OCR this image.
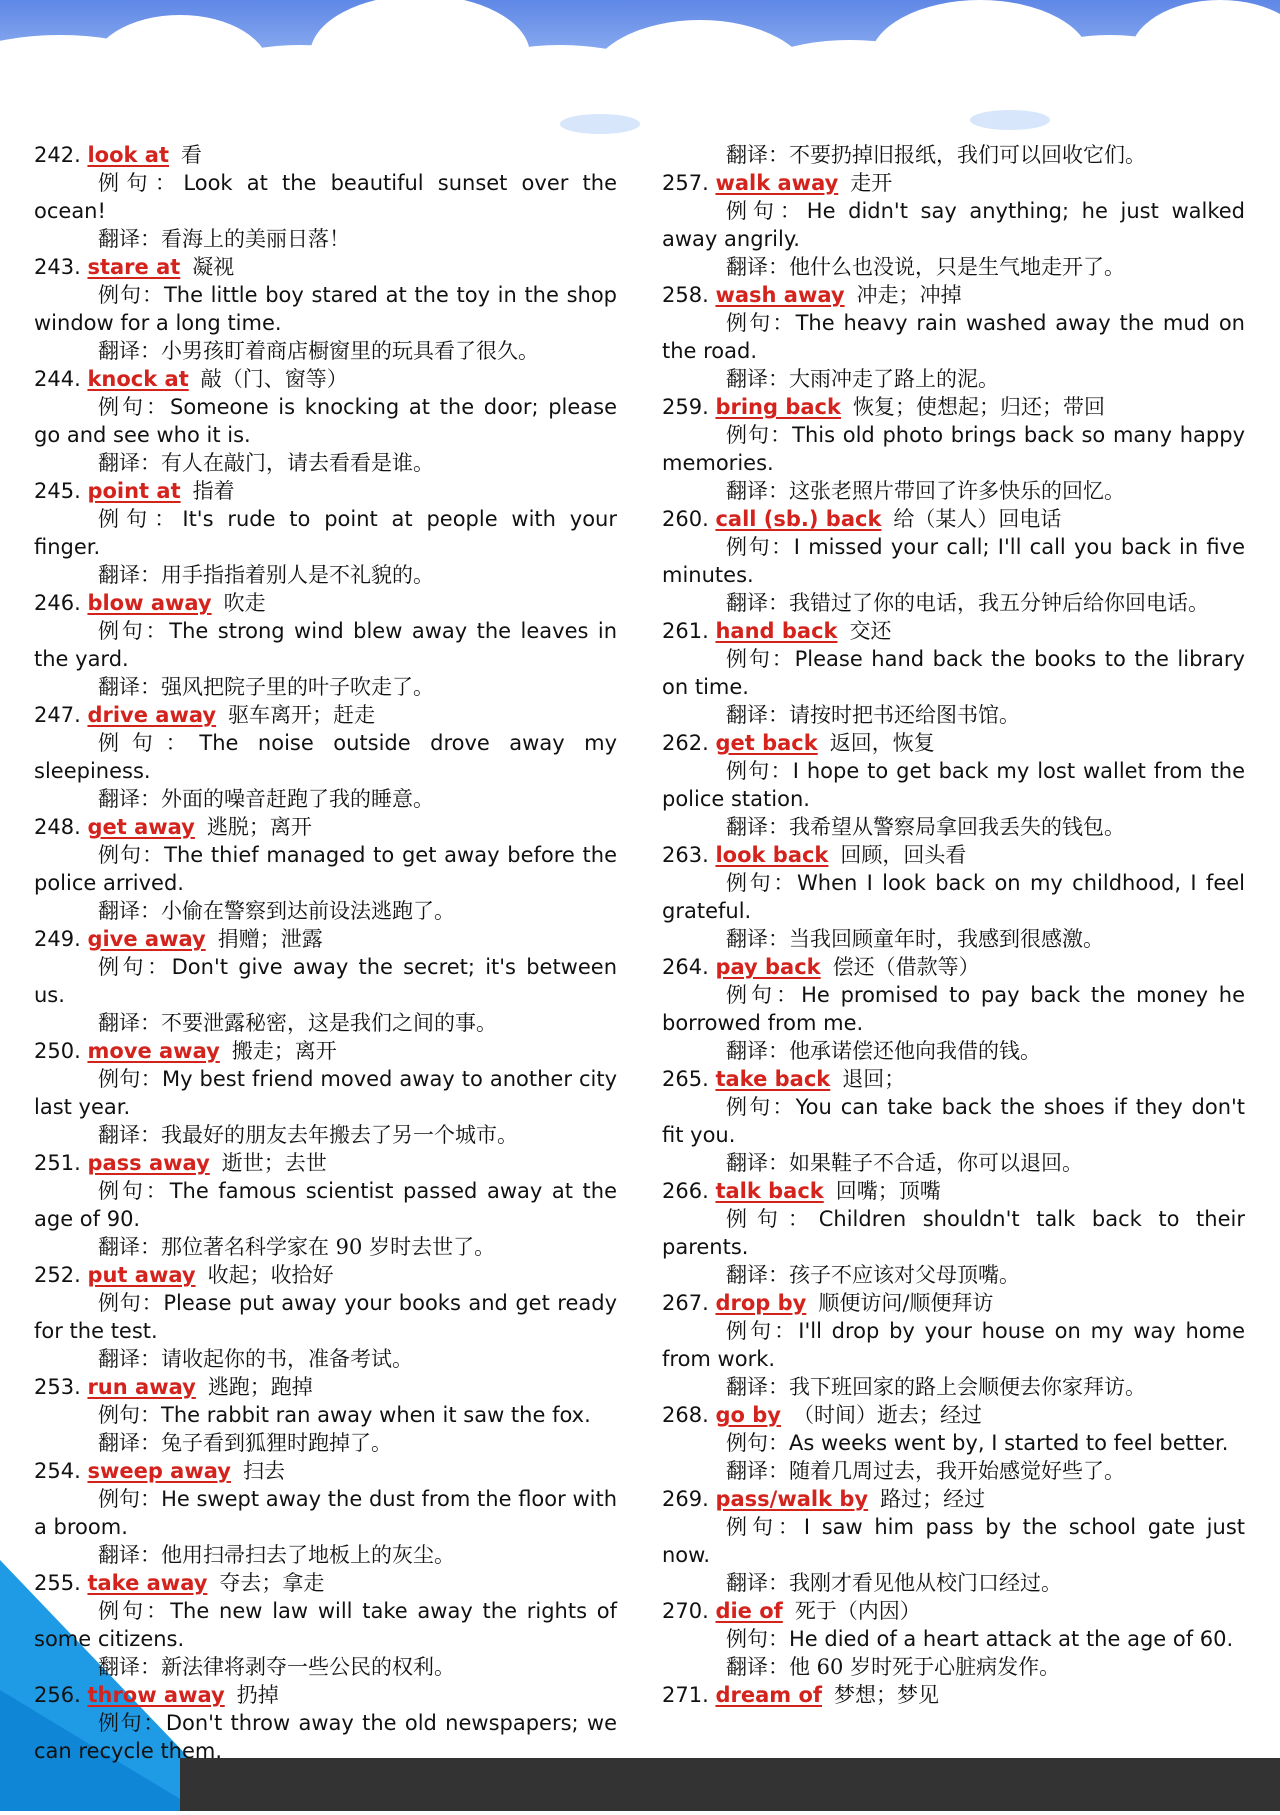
242. look at 看
例句：Look at the beautiful sunset over the ocean!
翻译：看海上的美丽日落！
243. stare at 凝视
例句：The little boy stared at the toy in the shop window for a long time.
翻译：小男孩盯着商店橱窗里的玩具看了很久。
244. knock at 敲（门、窗等）
例句：Someone is knocking at the door; please go and see who it is.
翻译：有人在敲门，请去看看是谁。
245. point at 指着
例句：It's rude to point at people with your finger.
翻译：用手指指着别人是不礼貌的。
246. blow away 吹走
例句：The strong wind blew away the leaves in the yard.
翻译：强风把院子里的叶子吹走了。
247. drive away 驱车离开；赶走
例句：The noise outside drove away my sleepiness.
翻译：外面的噪音赶跑了我的睡意。
248. get away 逃脱；离开
例句：The thief managed to get away before the police arrived.
翻译：小偷在警察到达前设法逃跑了。
249. give away 捐赠；泄露
例句：Don't give away the secret; it's between us.
翻译：不要泄露秘密，这是我们之间的事。
250. move away 搬走；离开
例句：My best friend moved away to another city last year.
翻译：我最好的朋友去年搬去了另一个城市。
251. pass away 逝世；去世
例句：The famous scientist passed away at the age of 90.
翻译：那位著名科学家在 90 岁时去世了。
252. put away 收起；收拾好
例句：Please put away your books and get ready for the test.
翻译：请收起你的书，准备考试。
253. run away 逃跑；跑掉
例句：The rabbit ran away when it saw the fox.
翻译：兔子看到狐狸时跑掉了。
254. sweep away 扫去
例句：He swept away the dust from the floor with a broom.
翻译：他用扫帚扫去了地板上的灰尘。
255. take away 夺去；拿走
例句：The new law will take away the rights of some citizens.
翻译：新法律将剥夺一些公民的权利。
256. throw away 扔掉
例句：Don't throw away the old newspapers; we can recycle them.
翻译：不要扔掉旧报纸，我们可以回收它们。
257. walk away 走开
例句：He didn't say anything; he just walked away angrily.
翻译：他什么也没说，只是生气地走开了。
258. wash away 冲走；冲掉
例句：The heavy rain washed away the mud on the road.
翻译：大雨冲走了路上的泥。
259. bring back 恢复；使想起；归还；带回
例句：This old photo brings back so many happy memories.
翻译：这张老照片带回了许多快乐的回忆。
260. call (sb.) back 给（某人）回电话
例句：I missed your call; I'll call you back in five minutes.
翻译：我错过了你的电话，我五分钟后给你回电话。
261. hand back 交还
例句：Please hand back the books to the library on time.
翻译：请按时把书还给图书馆。
262. get back 返回，恢复
例句：I hope to get back my lost wallet from the police station.
翻译：我希望从警察局拿回我丢失的钱包。
263. look back 回顾，回头看
例句：When I look back on my childhood, I feel grateful.
翻译：当我回顾童年时，我感到很感激。
264. pay back 偿还（借款等）
例句：He promised to pay back the money he borrowed from me.
翻译：他承诺偿还他向我借的钱。
265. take back 退回；
例句：You can take back the shoes if they don't fit you.
翻译：如果鞋子不合适，你可以退回。
266. talk back 回嘴；顶嘴
例句：Children shouldn't talk back to their parents.
翻译：孩子不应该对父母顶嘴。
267. drop by 顺便访问/顺便拜访
例句：I'll drop by your house on my way home from work.
翻译：我下班回家的路上会顺便去你家拜访。
268. go by （时间）逝去；经过
例句：As weeks went by, I started to feel better.
翻译：随着几周过去，我开始感觉好些了。
269. pass/walk by 路过；经过
例句：I saw him pass by the school gate just now.
翻译：我刚才看见他从校门口经过。
270. die of 死于（内因）
例句：He died of a heart attack at the age of 60.
翻译：他 60 岁时死于心脏病发作。
271. dream of 梦想；梦见
